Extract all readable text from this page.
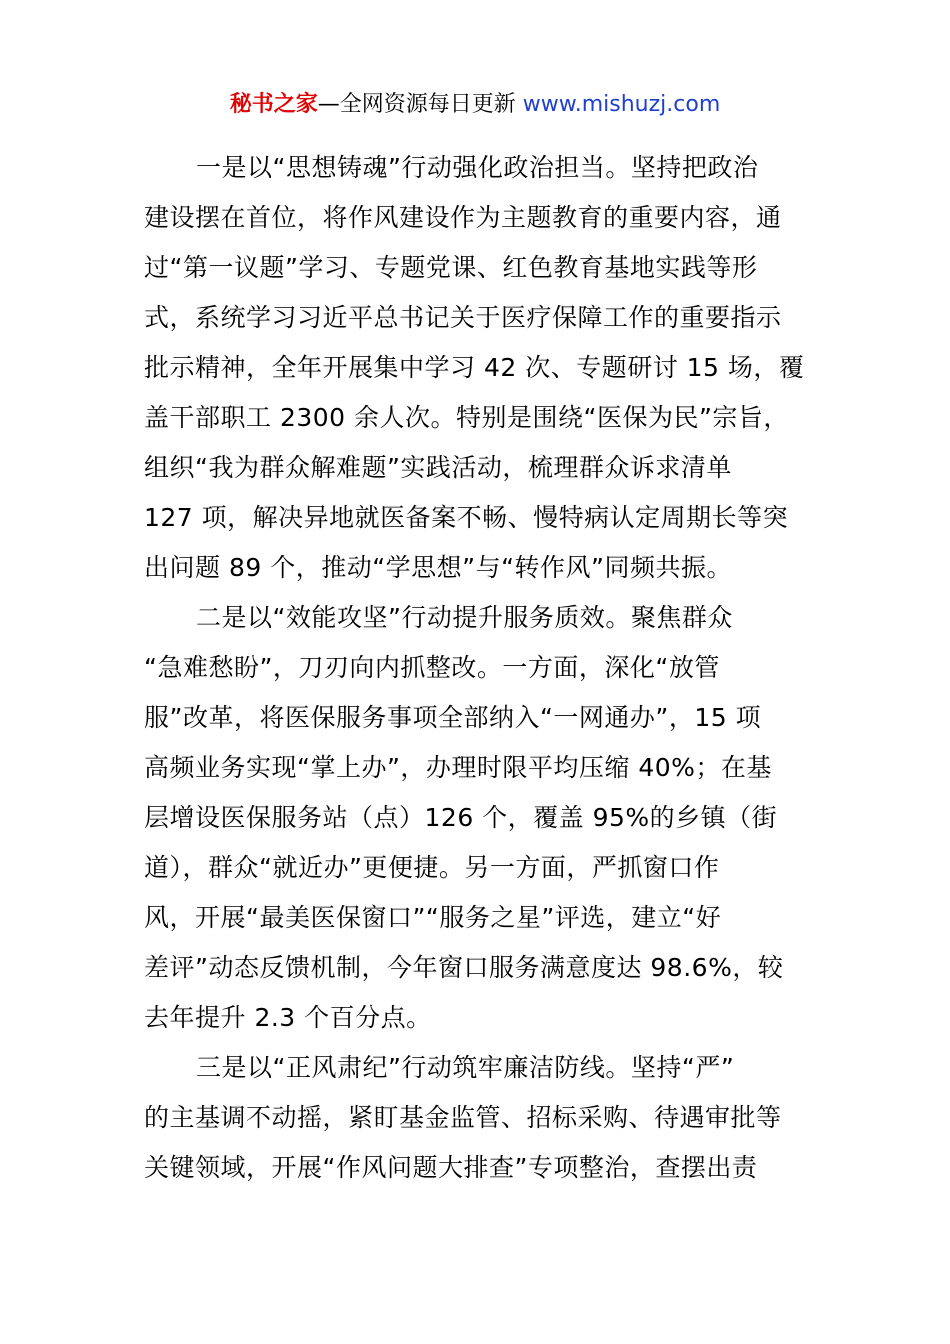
秘书之家—全网资源每日更新 www.mishuzj.com
一是以“思想铸魂”行动强化政治担当。坚持把政治
建设摆在首位，将作风建设作为主题教育的重要内容，通
过“第一议题”学习、专题党课、红色教育基地实践等形
式，系统学习习近平总书记关于医疗保障工作的重要指示
批示精神，全年开展集中学习 42 次、专题研讨 15 场，覆
盖干部职工 2300 余人次。特别是围绕“医保为民”宗旨，
组织“我为群众解难题”实践活动，梳理群众诉求清单
127 项，解决异地就医备案不畅、慢特病认定周期长等突
出问题 89 个，推动“学思想”与“转作风”同频共振。
二是以“效能攻坚”行动提升服务质效。聚焦群众
“急难愁盼”，刀刃向内抓整改。一方面，深化“放管
服”改革，将医保服务事项全部纳入“一网通办”，15 项
高频业务实现“掌上办”，办理时限平均压缩 40%；在基
层增设医保服务站（点）126 个，覆盖 95%的乡镇（街
道），群众“就近办”更便捷。另一方面，严抓窗口作
风，开展“最美医保窗口”“服务之星”评选，建立“好
差评”动态反馈机制，今年窗口服务满意度达 98.6%，较
去年提升 2.3 个百分点。
三是以“正风肃纪”行动筑牢廉洁防线。坚持“严”
的主基调不动摇，紧盯基金监管、招标采购、待遇审批等
关键领域，开展“作风问题大排查”专项整治，查摆出责
